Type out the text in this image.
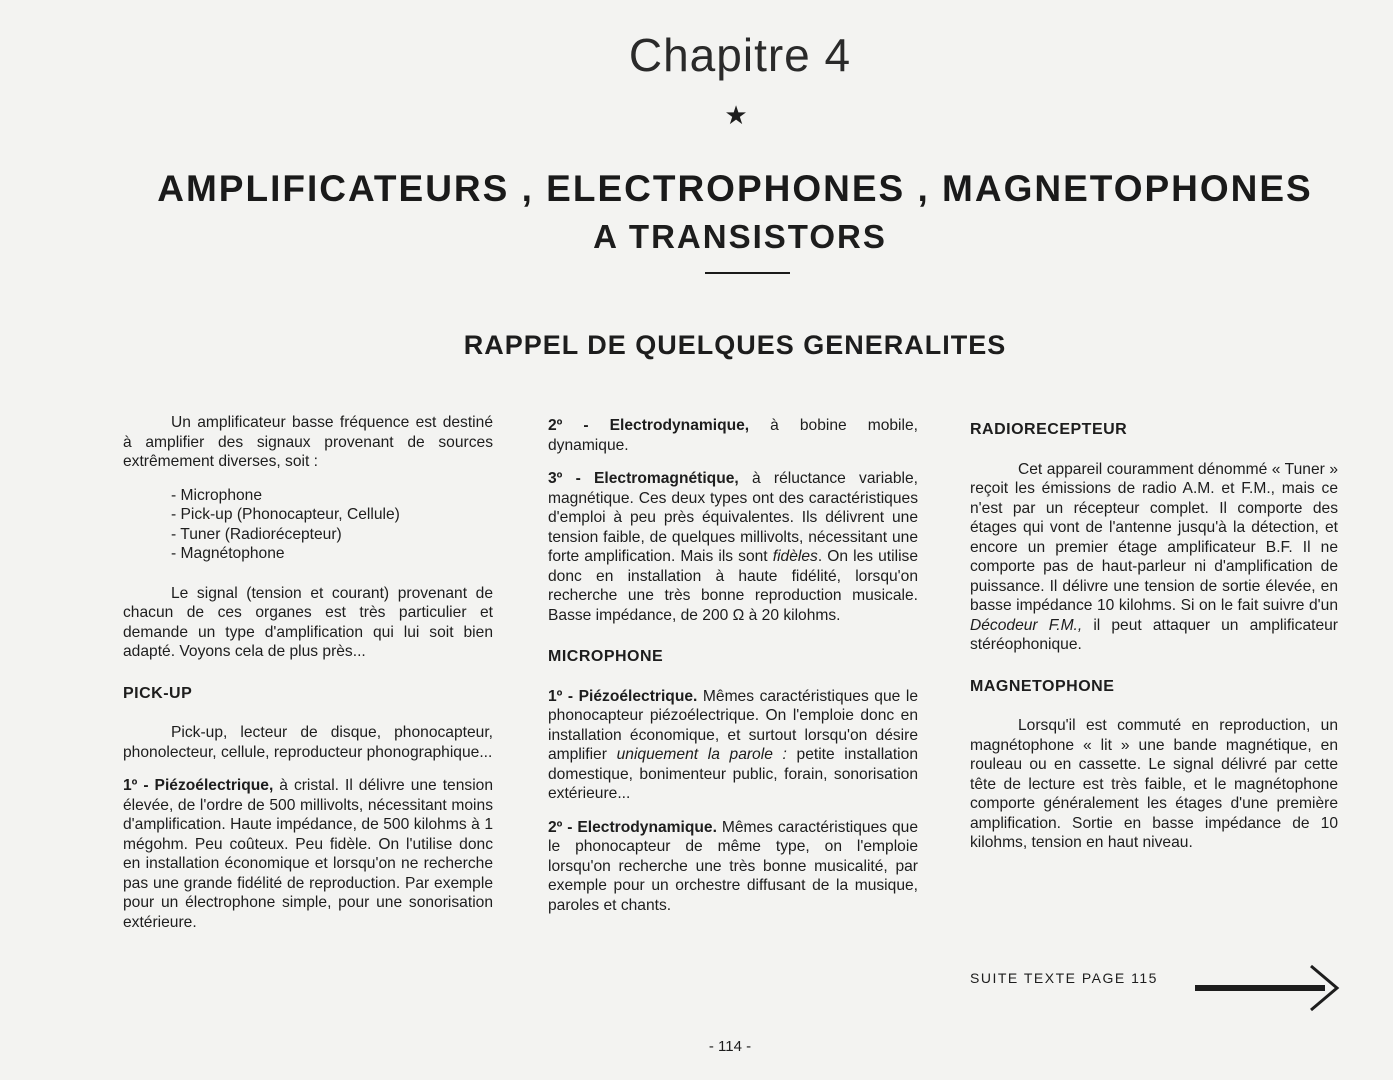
Chapitre 4
★
AMPLIFICATEURS , ELECTROPHONES , MAGNETOPHONES
A TRANSISTORS
RAPPEL DE QUELQUES GENERALITES

Un amplificateur basse fréquence est destiné à amplifier des signaux provenant de sources extrêmement diverses, soit :

- Microphone
- Pick-up (Phonocapteur, Cellule)
- Tuner (Radiorécepteur)
- Magnétophone

Le signal (tension et courant) provenant de chacun de ces organes est très particulier et demande un type d'amplification qui lui soit bien adapté. Voyons cela de plus près...

PICK-UP

Pick-up, lecteur de disque, phonocapteur, phonolecteur, cellule, reproducteur phonographique...

1º - Piézoélectrique, à cristal. Il délivre une tension élevée, de l'ordre de 500 millivolts, nécessitant moins d'amplification. Haute impédance, de 500 kilohms à 1 mégohm. Peu coûteux. Peu fidèle. On l'utilise donc en installation économique et lorsqu'on ne recherche pas une grande fidélité de reproduction. Par exemple pour un électrophone simple, pour une sonorisation extérieure.

2º - Electrodynamique, à bobine mobile, dynamique.

3º - Electromagnétique, à réluctance variable, magnétique. Ces deux types ont des caractéristiques d'emploi à peu près équivalentes. Ils délivrent une tension faible, de quelques millivolts, nécessitant une forte amplification. Mais ils sont fidèles. On les utilise donc en installation à haute fidélité, lorsqu'on recherche une très bonne reproduction musicale. Basse impédance, de 200 Ω à 20 kilohms.

MICROPHONE

1º - Piézoélectrique. Mêmes caractéristiques que le phonocapteur piézoélectrique. On l'emploie donc en installation économique, et surtout lorsqu'on désire amplifier uniquement la parole : petite installation domestique, bonimenteur public, forain, sonorisation extérieure...

2º - Electrodynamique. Mêmes caractéristiques que le phonocapteur de même type, on l'emploie lorsqu'on recherche une très bonne musicalité, par exemple pour un orchestre diffusant de la musique, paroles et chants.

RADIORECEPTEUR

Cet appareil couramment dénommé « Tuner » reçoit les émissions de radio A.M. et F.M., mais ce n'est par un récepteur complet. Il comporte des étages qui vont de l'antenne jusqu'à la détection, et encore un premier étage amplificateur B.F. Il ne comporte pas de haut-parleur ni d'amplification de puissance. Il délivre une tension de sortie élevée, en basse impédance 10 kilohms. Si on le fait suivre d'un Décodeur F.M., il peut attaquer un amplificateur stéréophonique.

MAGNETOPHONE

Lorsqu'il est commuté en reproduction, un magnétophone « lit » une bande magnétique, en rouleau ou en cassette. Le signal délivré par cette tête de lecture est très faible, et le magnétophone comporte généralement les étages d'une première amplification. Sortie en basse impédance de 10 kilohms, tension en haut niveau.

SUITE TEXTE PAGE 115
- 114 -
